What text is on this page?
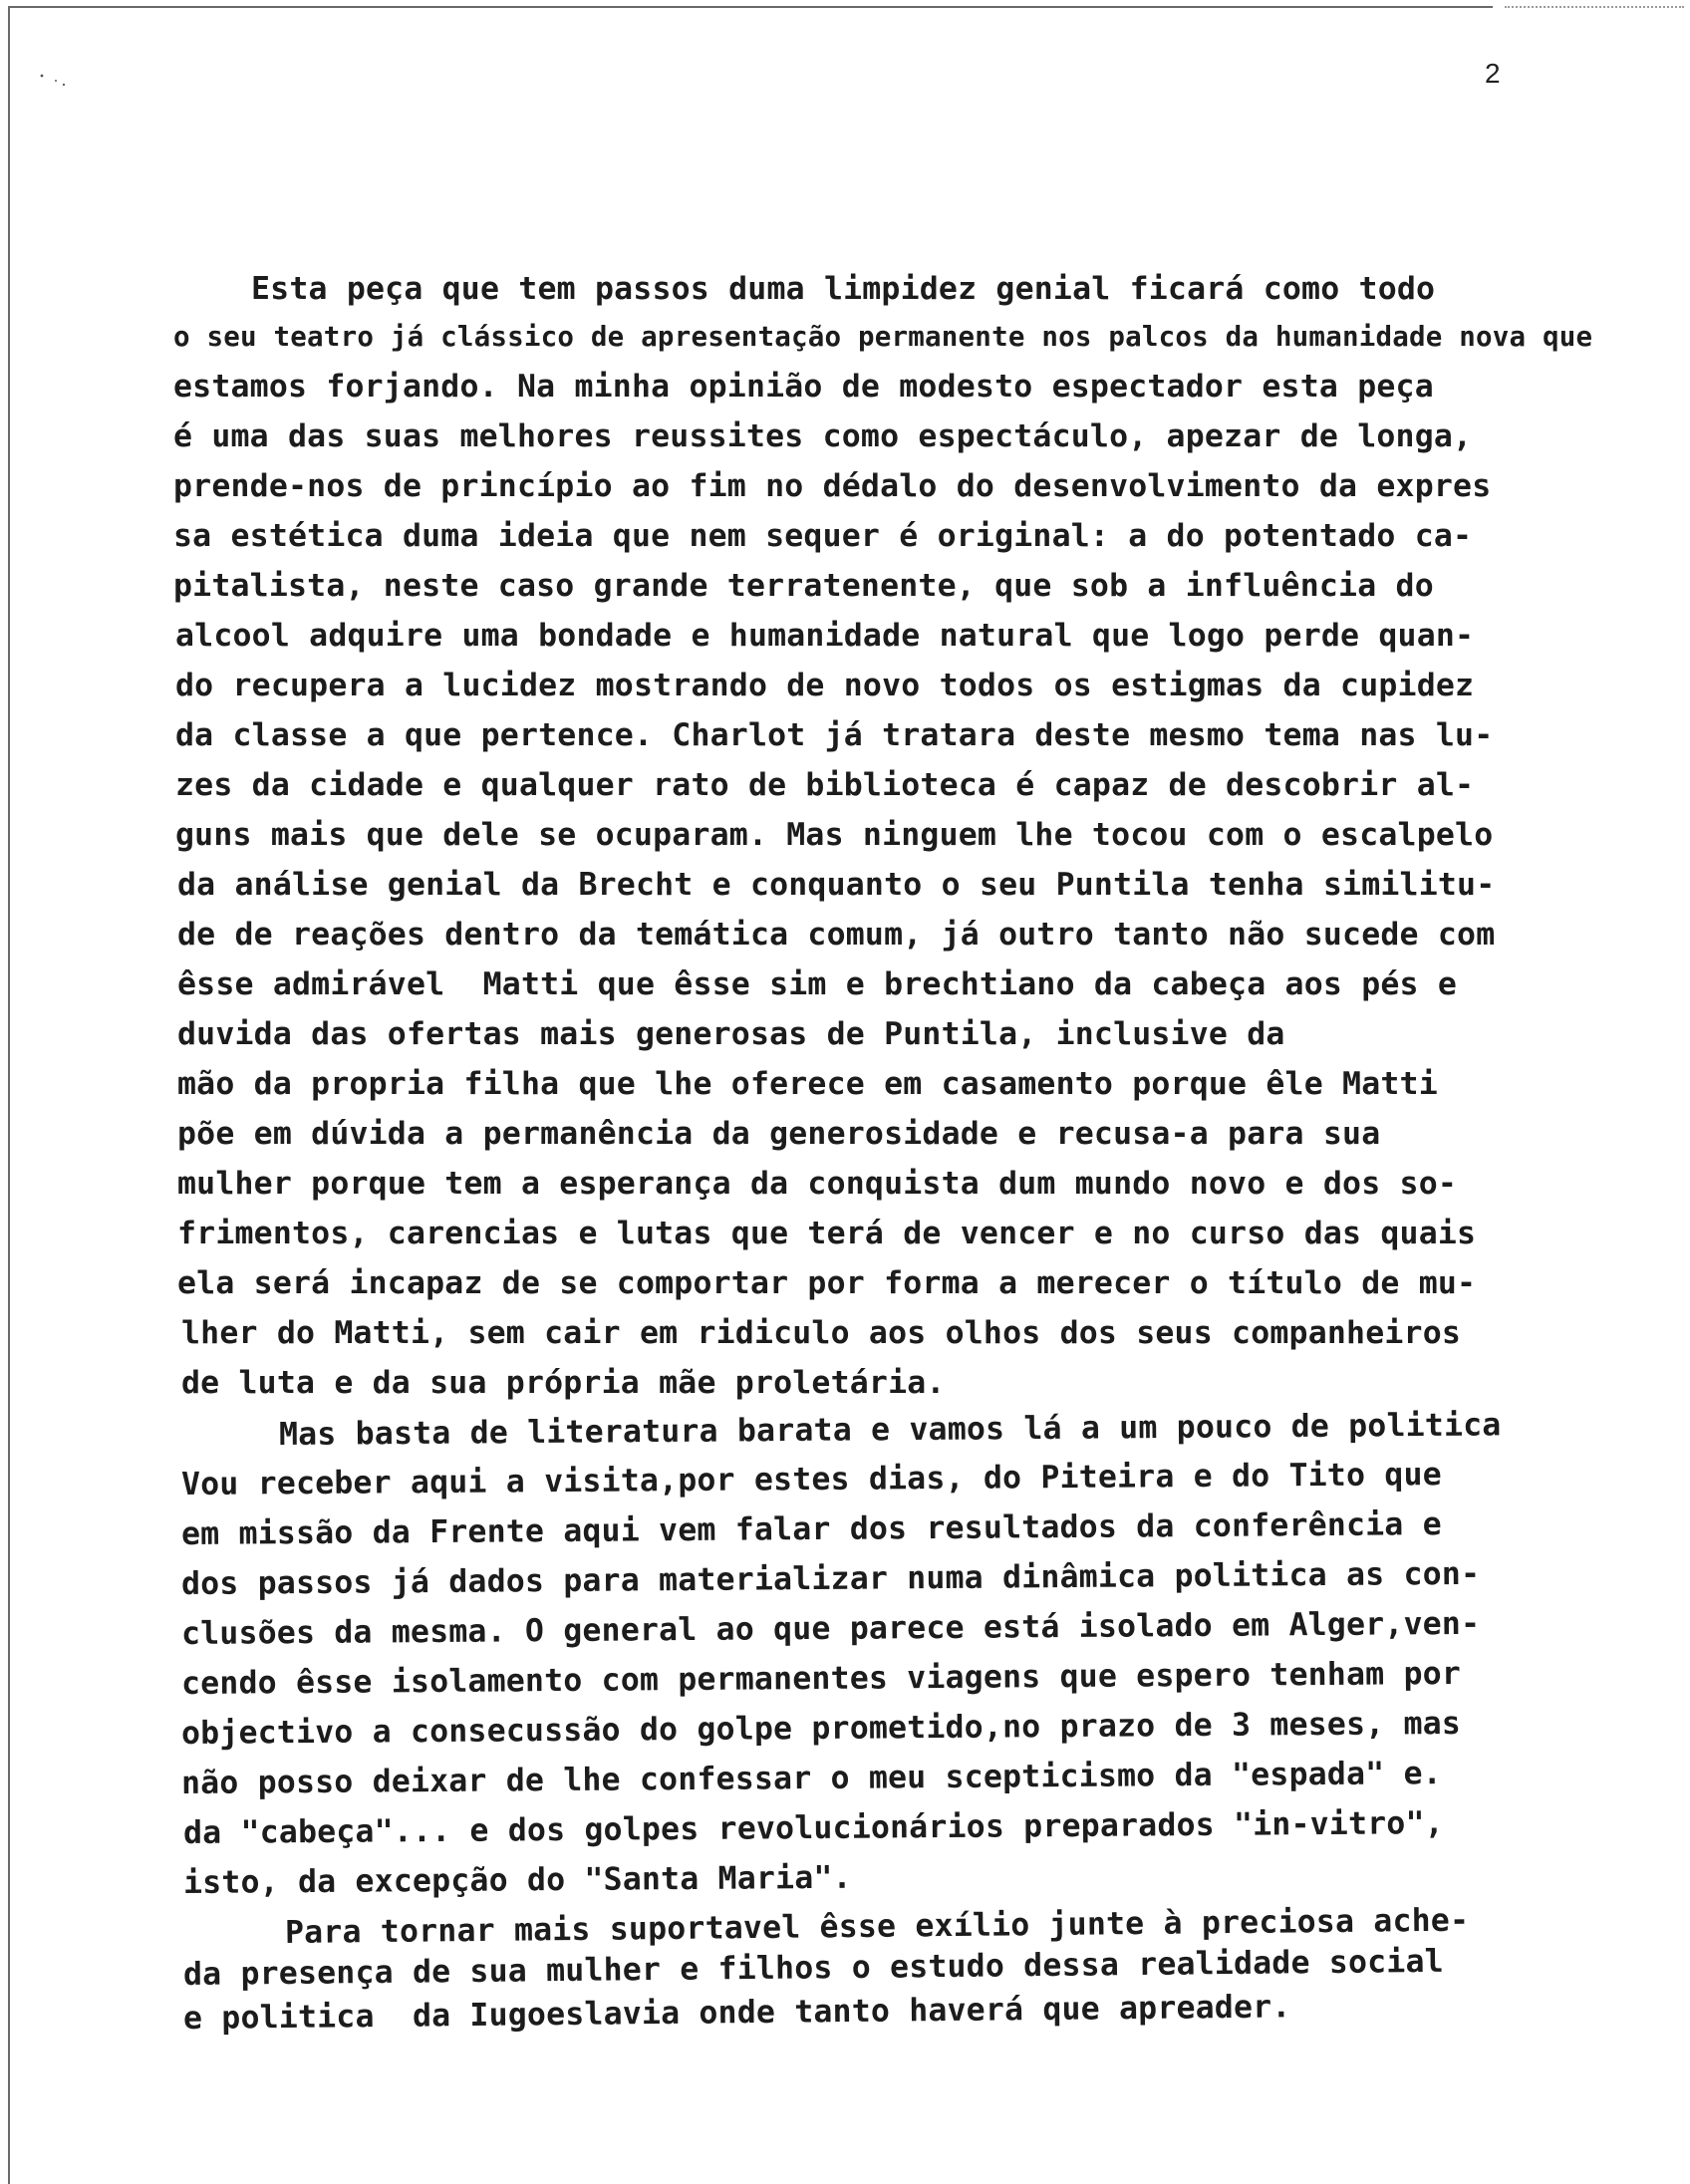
2
Esta peça que tem passos duma limpidez genial ficará como todo
o seu teatro já clássico de apresentação permanente nos palcos da humanidade nova que
estamos forjando. Na minha opinião de modesto espectador esta peça
é uma das suas melhores reussites como espectáculo, apezar de longa,
prende-nos de princípio ao fim no dédalo do desenvolvimento da expres
sa estética duma ideia que nem sequer é original: a do potentado ca-
pitalista, neste caso grande terratenente, que sob a influência do
alcool adquire uma bondade e humanidade natural que logo perde quan-
do recupera a lucidez mostrando de novo todos os estigmas da cupidez
da classe a que pertence. Charlot já tratara deste mesmo tema nas lu-
zes da cidade e qualquer rato de biblioteca é capaz de descobrir al-
guns mais que dele se ocuparam. Mas ninguem lhe tocou com o escalpelo
da análise genial da Brecht e conquanto o seu Puntila tenha similitu-
de de reações dentro da temática comum, já outro tanto não sucede com
êsse admirável  Matti que êsse sim e brechtiano da cabeça aos pés e
duvida das ofertas mais generosas de Puntila, inclusive da
mão da propria filha que lhe oferece em casamento porque êle Matti
põe em dúvida a permanência da generosidade e recusa-a para sua
mulher porque tem a esperança da conquista dum mundo novo e dos so-
frimentos, carencias e lutas que terá de vencer e no curso das quais
ela será incapaz de se comportar por forma a merecer o título de mu-
lher do Matti, sem cair em ridiculo aos olhos dos seus companheiros
de luta e da sua própria mãe proletária.
Mas basta de literatura barata e vamos lá a um pouco de politica
Vou receber aqui a visita,por estes dias, do Piteira e do Tito que
em missão da Frente aqui vem falar dos resultados da conferência e
dos passos já dados para materializar numa dinâmica politica as con-
clusões da mesma. O general ao que parece está isolado em Alger,ven-
cendo êsse isolamento com permanentes viagens que espero tenham por
objectivo a consecussão do golpe prometido,no prazo de 3 meses, mas
não posso deixar de lhe confessar o meu scepticismo da "espada" e.
da "cabeça"... e dos golpes revolucionários preparados "in-vitro",
isto, da excepção do "Santa Maria".
Para tornar mais suportavel êsse exílio junte à preciosa ache-
da presença de sua mulher e filhos o estudo dessa realidade social
e politica  da Iugoeslavia onde tanto haverá que apreader.
